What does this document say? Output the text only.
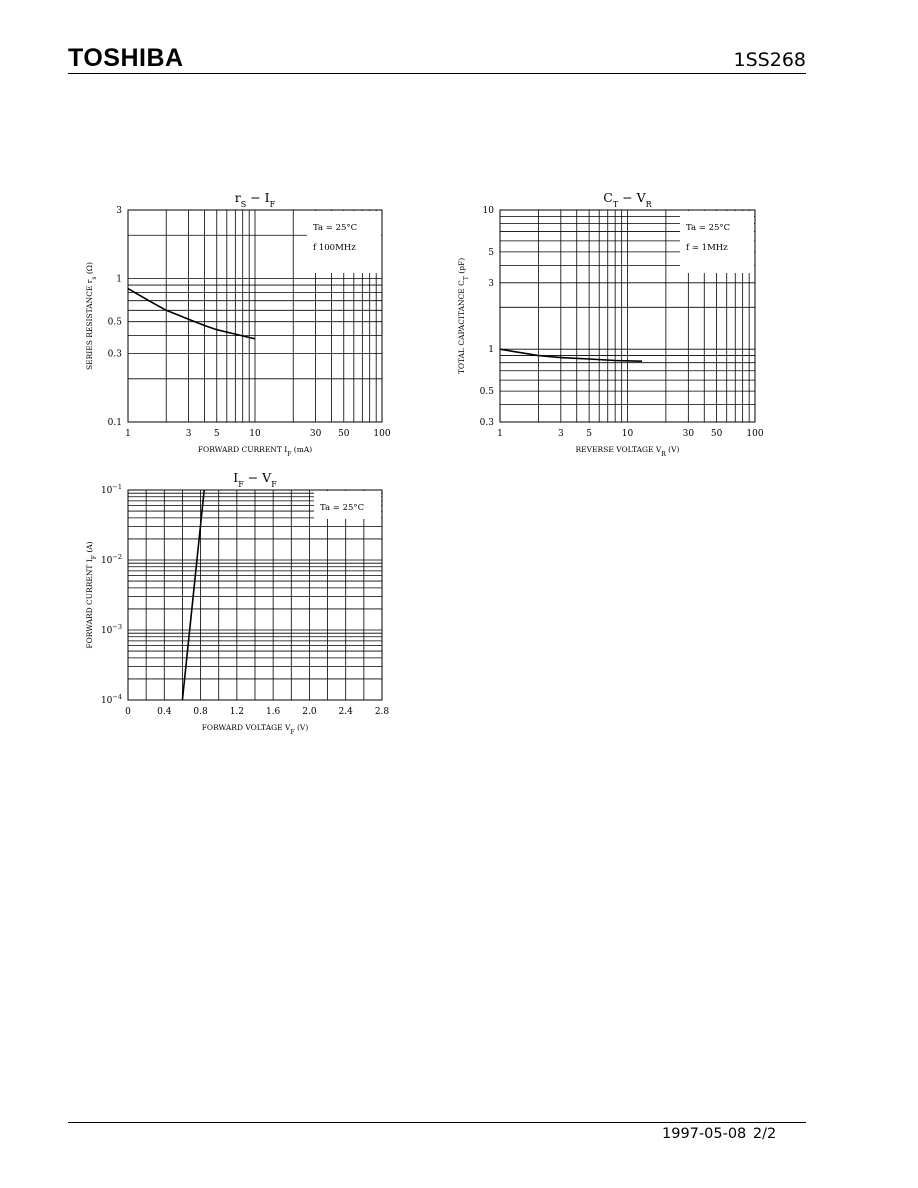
TOSHIBA	1SS268
Ta = 25°C
f 100MHz
1	3 5	10	30 50	100
0.1
0.3
0.5
1
3
$r_S - I_F$
FORWARD CURRENT $I_F$ (mA)
SERIES RESISTANCE $r_s$ (Ω)
Ta = 25°C
f = 1MHz
1	3	5	10	30 50	100
0.3
0.5
1
3
5
10
$C_T - V_R$
REVERSE VOLTAGE $V_R$ (V)
TOTAL CAPACITANCE $C_T$ (pF)
Ta = 25°C
0	0.4 0.8 1.2 1.6 2.0 2.4 2.8
$10^{-4}$
$10^{-3}$
$10^{-2}$
$10^{-1}$
$I_F - V_F$
FORWARD VOLTAGE $V_F$ (V)
FORWARD CURRENT $I_F$ (A)
1997-05-08 2/2
